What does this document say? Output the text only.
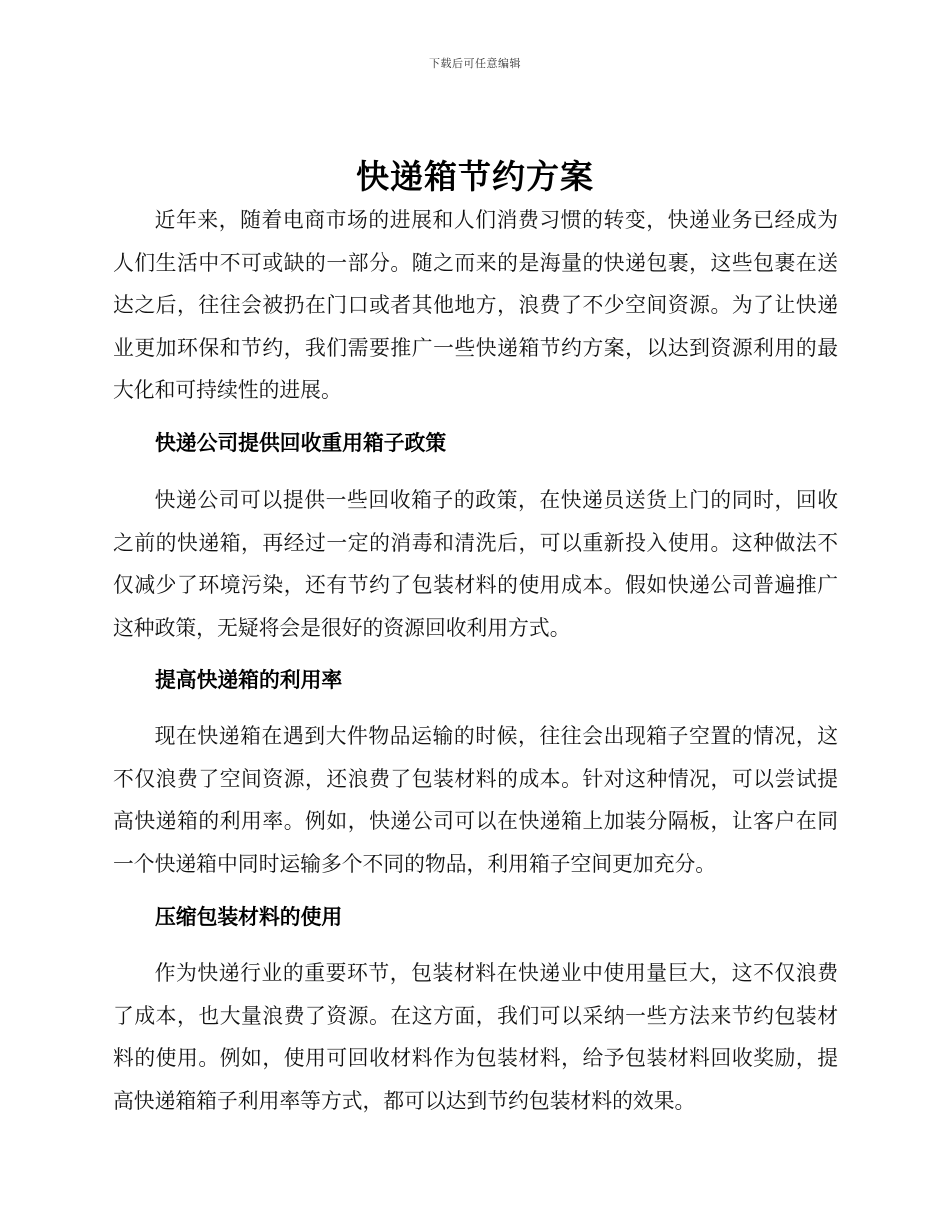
下载后可任意编辑
快递箱节约方案

近年来，随着电商市场的进展和人们消费习惯的转变，快递业务已经成为人们生活中不可或缺的一部分。随之而来的是海量的快递包裹，这些包裹在送达之后，往往会被扔在门口或者其他地方，浪费了不少空间资源。为了让快递业更加环保和节约，我们需要推广一些快递箱节约方案，以达到资源利用的最大化和可持续性的进展。

快递公司提供回收重用箱子政策

快递公司可以提供一些回收箱子的政策，在快递员送货上门的同时，回收之前的快递箱，再经过一定的消毒和清洗后，可以重新投入使用。这种做法不仅减少了环境污染，还有节约了包装材料的使用成本。假如快递公司普遍推广这种政策，无疑将会是很好的资源回收利用方式。

提高快递箱的利用率

现在快递箱在遇到大件物品运输的时候，往往会出现箱子空置的情况，这不仅浪费了空间资源，还浪费了包装材料的成本。针对这种情况，可以尝试提高快递箱的利用率。例如，快递公司可以在快递箱上加装分隔板，让客户在同一个快递箱中同时运输多个不同的物品，利用箱子空间更加充分。

压缩包装材料的使用

作为快递行业的重要环节，包装材料在快递业中使用量巨大，这不仅浪费了成本，也大量浪费了资源。在这方面，我们可以采纳一些方法来节约包装材料的使用。例如，使用可回收材料作为包装材料，给予包装材料回收奖励，提高快递箱箱子利用率等方式，都可以达到节约包装材料的效果。
